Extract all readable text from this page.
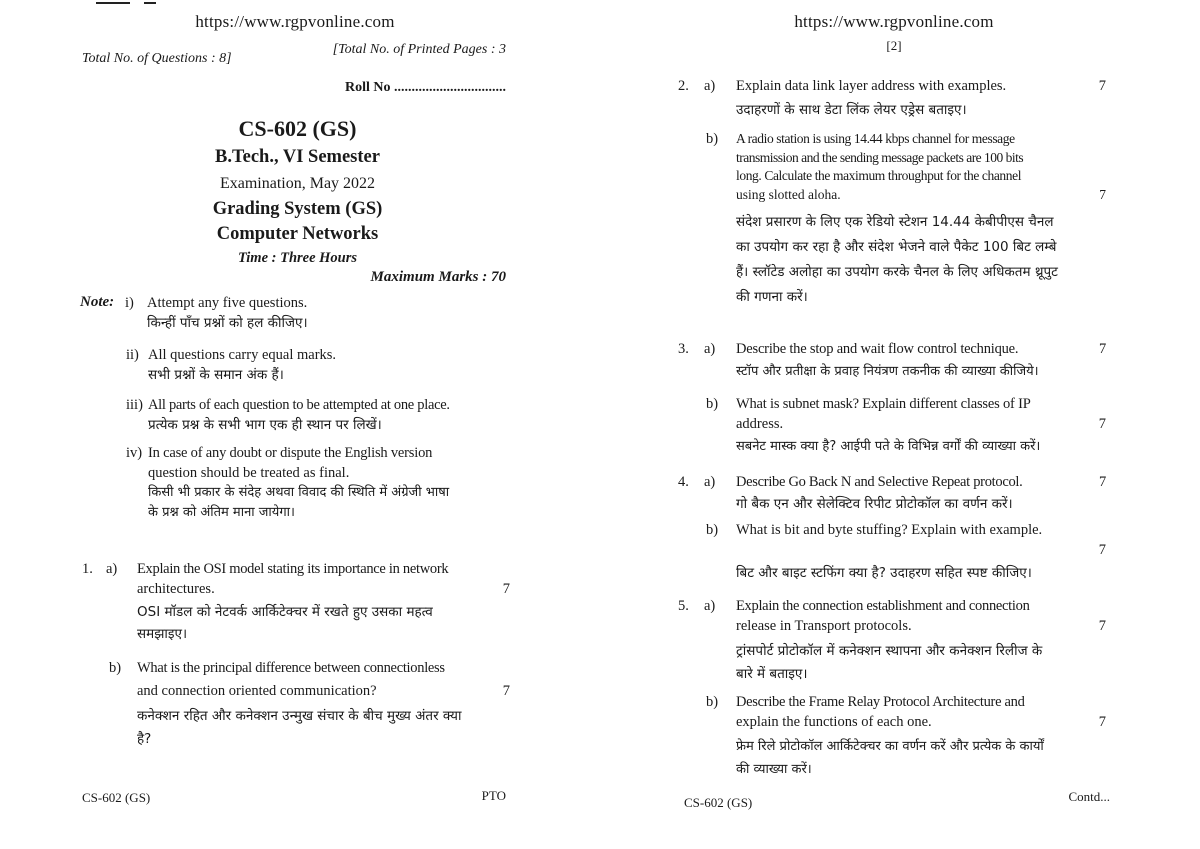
https://www.rgpvonline.com
Total No. of Questions : 8]
[Total No. of Printed Pages : 3
Roll No ................................
CS-602 (GS)
B.Tech., VI Semester
Examination, May 2022
Grading System (GS)
Computer Networks
Time : Three Hours
Maximum Marks : 70
Note: i) Attempt any five questions.
किन्हीं पाँच प्रश्नों को हल कीजिए।
ii) All questions carry equal marks.
सभी प्रश्नों के समान अंक हैं।
iii) All parts of each question to be attempted at one place.
प्रत्येक प्रश्न के सभी भाग एक ही स्थान पर लिखें।
iv) In case of any doubt or dispute the English version
question should be treated as final.
किसी भी प्रकार के संदेह अथवा विवाद की स्थिति में अंग्रेजी भाषा
के प्रश्न को अंतिम माना जायेगा।
1. a)	Explain the OSI model stating its importance in network
architectures.	7
OSI मॉडल को नेटवर्क आर्किटेक्चर में रखते हुए उसका महत्व
समझाइए।
b)	What is the principal difference between connectionless
and connection oriented communication?	7
कनेक्शन रहित और कनेक्शन उन्मुख संचार के बीच मुख्य अंतर क्या
है?
CS-602 (GS)	PTO
https://www.rgpvonline.com
[2]
2. a)	Explain data link layer address with examples.	7
उदाहरणों के साथ डेटा लिंक लेयर एड्रेस बताइए।
b)	A radio station is using 14.44 kbps channel for message
transmission and the sending message packets are 100 bits
long. Calculate the maximum throughput for the channel
using slotted aloha.	7
संदेश प्रसारण के लिए एक रेडियो स्टेशन 14.44 केबीपीएस चैनल
का उपयोग कर रहा है और संदेश भेजने वाले पैकेट 100 बिट लम्बे
हैं। स्लॉटेड अलोहा का उपयोग करके चैनल के लिए अधिकतम थ्रूपुट
की गणना करें।
3. a)	Describe the stop and wait flow control technique.	7
स्टॉप और प्रतीक्षा के प्रवाह नियंत्रण तकनीक की व्याख्या कीजिये।
b)	What is subnet mask? Explain different classes of IP
address.	7
सबनेट मास्क क्या है? आईपी पते के विभिन्न वर्गों की व्याख्या करें।
4. a)	Describe Go Back N and Selective Repeat protocol.	7
गो बैक एन और सेलेक्टिव रिपीट प्रोटोकॉल का वर्णन करें।
b)	What is bit and byte stuffing? Explain with example.
7
बिट और बाइट स्टफिंग क्या है? उदाहरण सहित स्पष्ट कीजिए।
5. a)	Explain the connection establishment and connection
release in Transport protocols.	7
ट्रांसपोर्ट प्रोटोकॉल में कनेक्शन स्थापना और कनेक्शन रिलीज के
बारे में बताइए।
b)	Describe the Frame Relay Protocol Architecture and
explain the functions of each one.	7
फ्रेम रिले प्रोटोकॉल आर्किटेक्चर का वर्णन करें और प्रत्येक के कार्यों
की व्याख्या करें।
CS-602 (GS)	Contd...
